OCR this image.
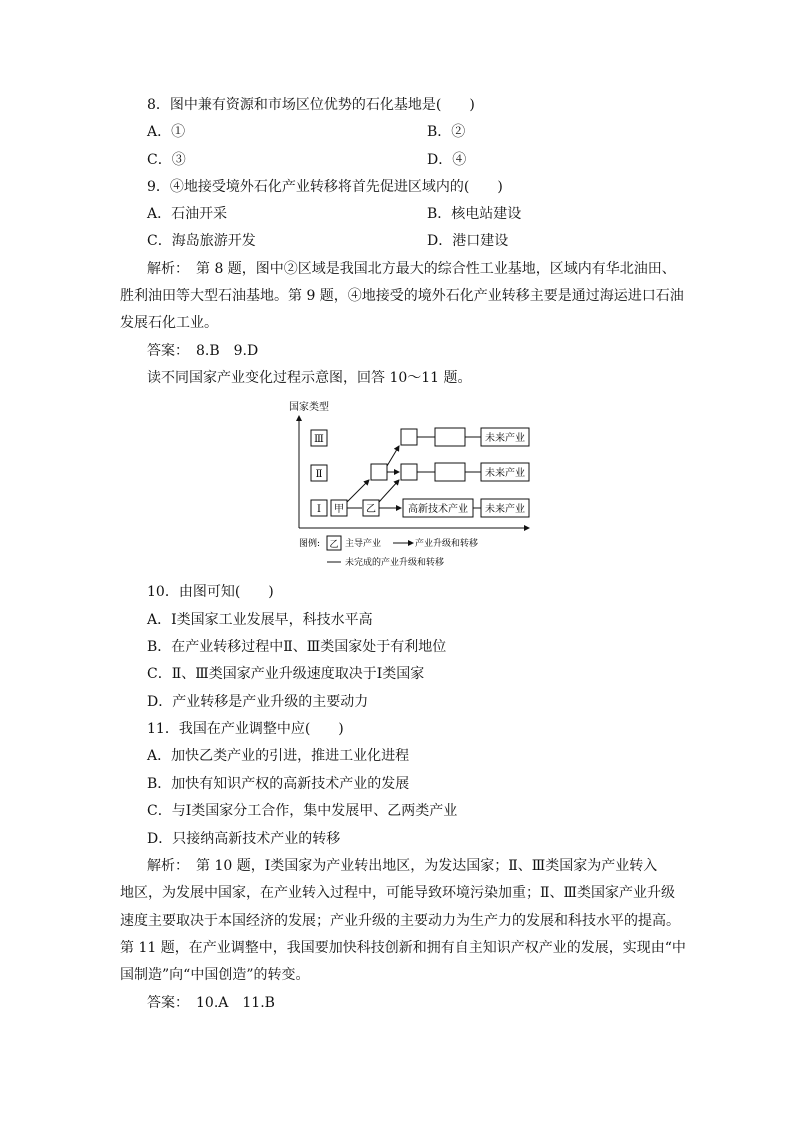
8．图中兼有资源和市场区位优势的石化基地是(　　)
A．①	B．②
C．③	D．④
9．④地接受境外石化产业转移将首先促进区域内的(　　)
A．石油开采	B．核电站建设
C．海岛旅游开发	D．港口建设
解析：　第 8 题，图中②区域是我国北方最大的综合性工业基地，区域内有华北油田、
胜利油田等大型石油基地。第 9 题，④地接受的境外石化产业转移主要是通过海运进口石油
发展石化工业。
答案：　8.B　9.D
读不同国家产业变化过程示意图，回答 10～11 题。
国家类型
Ⅲ
Ⅱ
Ⅰ 甲 乙	高新技术产业 未来产业
未来产业
未来产业
图例: 乙 主导产业	产业升级和转移
未完成的产业升级和转移
10．由图可知(　　)
A．Ⅰ类国家工业发展早，科技水平高
B．在产业转移过程中Ⅱ、Ⅲ类国家处于有利地位
C．Ⅱ、Ⅲ类国家产业升级速度取决于Ⅰ类国家
D．产业转移是产业升级的主要动力
11．我国在产业调整中应(　　)
A．加快乙类产业的引进，推进工业化进程
B．加快有知识产权的高新技术产业的发展
C．与Ⅰ类国家分工合作，集中发展甲、乙两类产业
D．只接纳高新技术产业的转移
解析：　第 10 题，Ⅰ类国家为产业转出地区，为发达国家；Ⅱ、Ⅲ类国家为产业转入
地区，为发展中国家，在产业转入过程中，可能导致环境污染加重；Ⅱ、Ⅲ类国家产业升级
速度主要取决于本国经济的发展；产业升级的主要动力为生产力的发展和科技水平的提高。
第 11 题，在产业调整中，我国要加快科技创新和拥有自主知识产权产业的发展，实现由“中
国制造”向“中国创造”的转变。
答案：　10.A　11.B
